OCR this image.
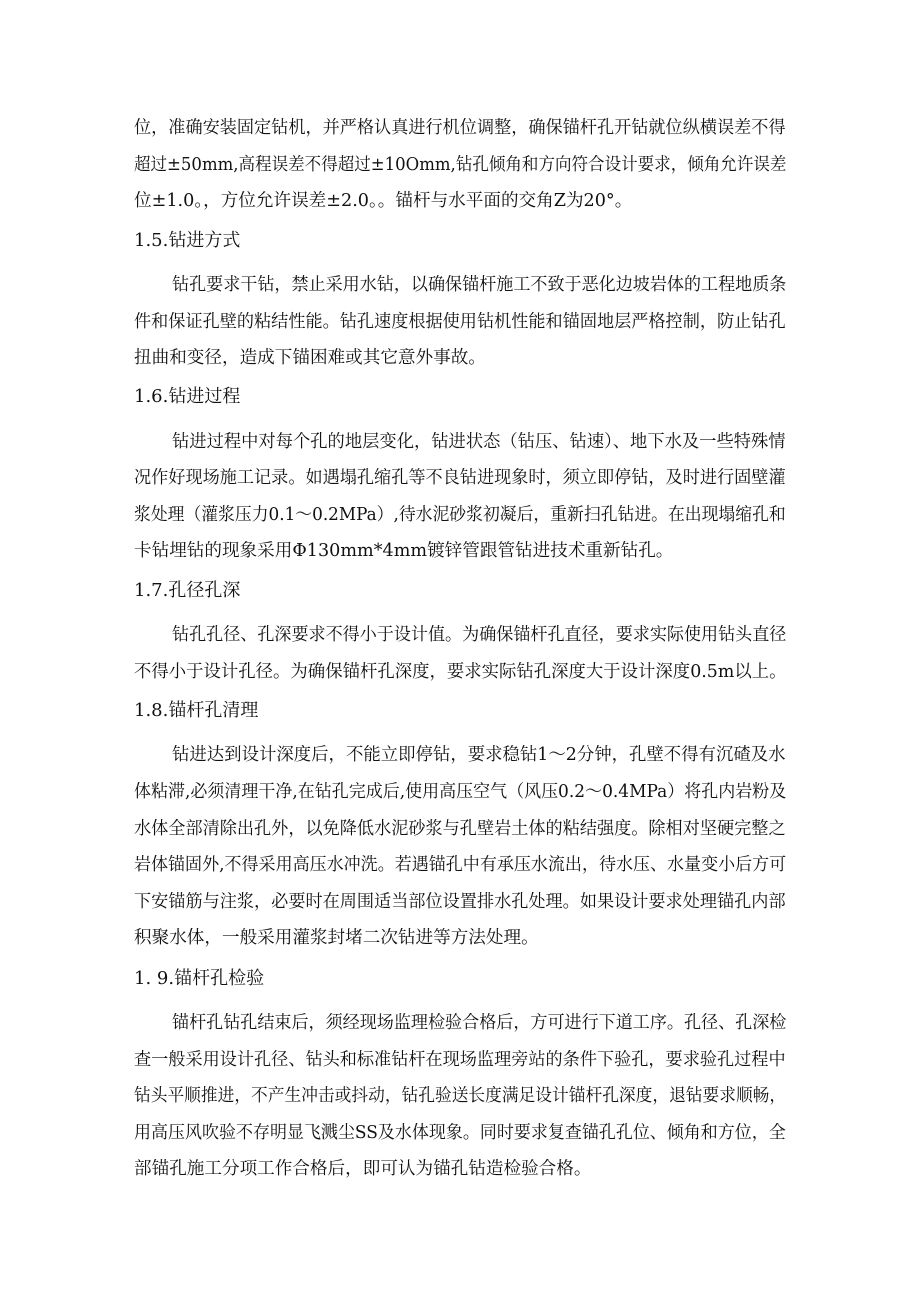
位，准确安装固定钻机，并严格认真进行机位调整，确保锚杆孔开钻就位纵横误差不得
超过±50mm,高程误差不得超过±10Omm,钻孔倾角和方向符合设计要求，倾角允许误差
位±1.0。，方位允许误差±2.0。。锚杆与水平面的交角Z为20°。
1.5.钻进方式
钻孔要求干钻，禁止采用水钻，以确保锚杆施工不致于恶化边坡岩体的工程地质条
件和保证孔壁的粘结性能。钻孔速度根据使用钻机性能和锚固地层严格控制，防止钻孔
扭曲和变径，造成下锚困难或其它意外事故。
1.6.钻进过程
钻进过程中对每个孔的地层变化，钻进状态（钻压、钻速）、地下水及一些特殊情
况作好现场施工记录。如遇塌孔缩孔等不良钻进现象时，须立即停钻，及时进行固壁灌
浆处理（灌浆压力0.1～0.2MPa）,待水泥砂浆初凝后，重新扫孔钻进。在出现塌缩孔和
卡钻埋钻的现象采用Φ130mm*4mm镀锌管跟管钻进技术重新钻孔。
1.7.孔径孔深
钻孔孔径、孔深要求不得小于设计值。为确保锚杆孔直径，要求实际使用钻头直径
不得小于设计孔径。为确保锚杆孔深度，要求实际钻孔深度大于设计深度0.5m以上。
1.8.锚杆孔清理
钻进达到设计深度后，不能立即停钻，要求稳钻1～2分钟，孔壁不得有沉碴及水
体粘滞,必须清理干净,在钻孔完成后,使用高压空气（风压0.2～0.4MPa）将孔内岩粉及
水体全部清除出孔外，以免降低水泥砂浆与孔壁岩土体的粘结强度。除相对坚硬完整之
岩体锚固外,不得采用高压水冲洗。若遇锚孔中有承压水流出，待水压、水量变小后方可
下安锚筋与注浆，必要时在周围适当部位设置排水孔处理。如果设计要求处理锚孔内部
积聚水体，一般采用灌浆封堵二次钻进等方法处理。
1. 9.锚杆孔检验
锚杆孔钻孔结束后，须经现场监理检验合格后，方可进行下道工序。孔径、孔深检
查一般采用设计孔径、钻头和标准钻杆在现场监理旁站的条件下验孔，要求验孔过程中
钻头平顺推进，不产生冲击或抖动，钻孔验送长度满足设计锚杆孔深度，退钻要求顺畅，
用高压风吹验不存明显飞溅尘SS及水体现象。同时要求复查锚孔孔位、倾角和方位，全
部锚孔施工分项工作合格后，即可认为锚孔钻造检验合格。
